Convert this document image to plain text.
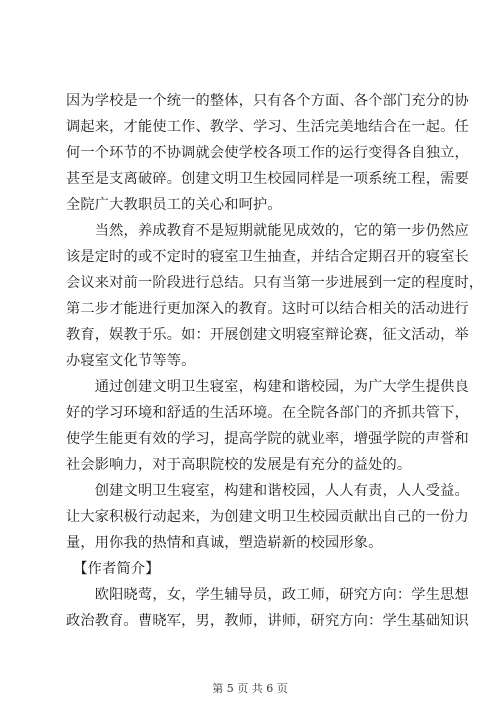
因为学校是一个统一的整体，只有各个方面、各个部门充分的协
调起来，才能使工作、教学、学习、生活完美地结合在一起。任
何一个环节的不协调就会使学校各项工作的运行变得各自独立，
甚至是支离破碎。创建文明卫生校园同样是一项系统工程，需要
全院广大教职员工的关心和呵护。
　　当然，养成教育不是短期就能见成效的，它的第一步仍然应
该是定时的或不定时的寝室卫生抽查，并结合定期召开的寝室长
会议来对前一阶段进行总结。只有当第一步进展到一定的程度时，
第二步才能进行更加深入的教育。这时可以结合相关的活动进行
教育，娱教于乐。如：开展创建文明寝室辩论赛，征文活动，举
办寝室文化节等等。
　　通过创建文明卫生寝室，构建和谐校园，为广大学生提供良
好的学习环境和舒适的生活环境。在全院各部门的齐抓共管下，
使学生能更有效的学习，提高学院的就业率，增强学院的声誉和
社会影响力，对于高职院校的发展是有充分的益处的。
　　创建文明卫生寝室，构建和谐校园，人人有责，人人受益。
让大家积极行动起来，为创建文明卫生校园贡献出自己的一份力
量，用你我的热情和真诚，塑造崭新的校园形象。
　【作者简介】
　　欧阳晓莺，女，学生辅导员，政工师，研究方向：学生思想
政治教育。曹晓军，男，教师，讲师，研究方向：学生基础知识
第 5 页 共 6 页
